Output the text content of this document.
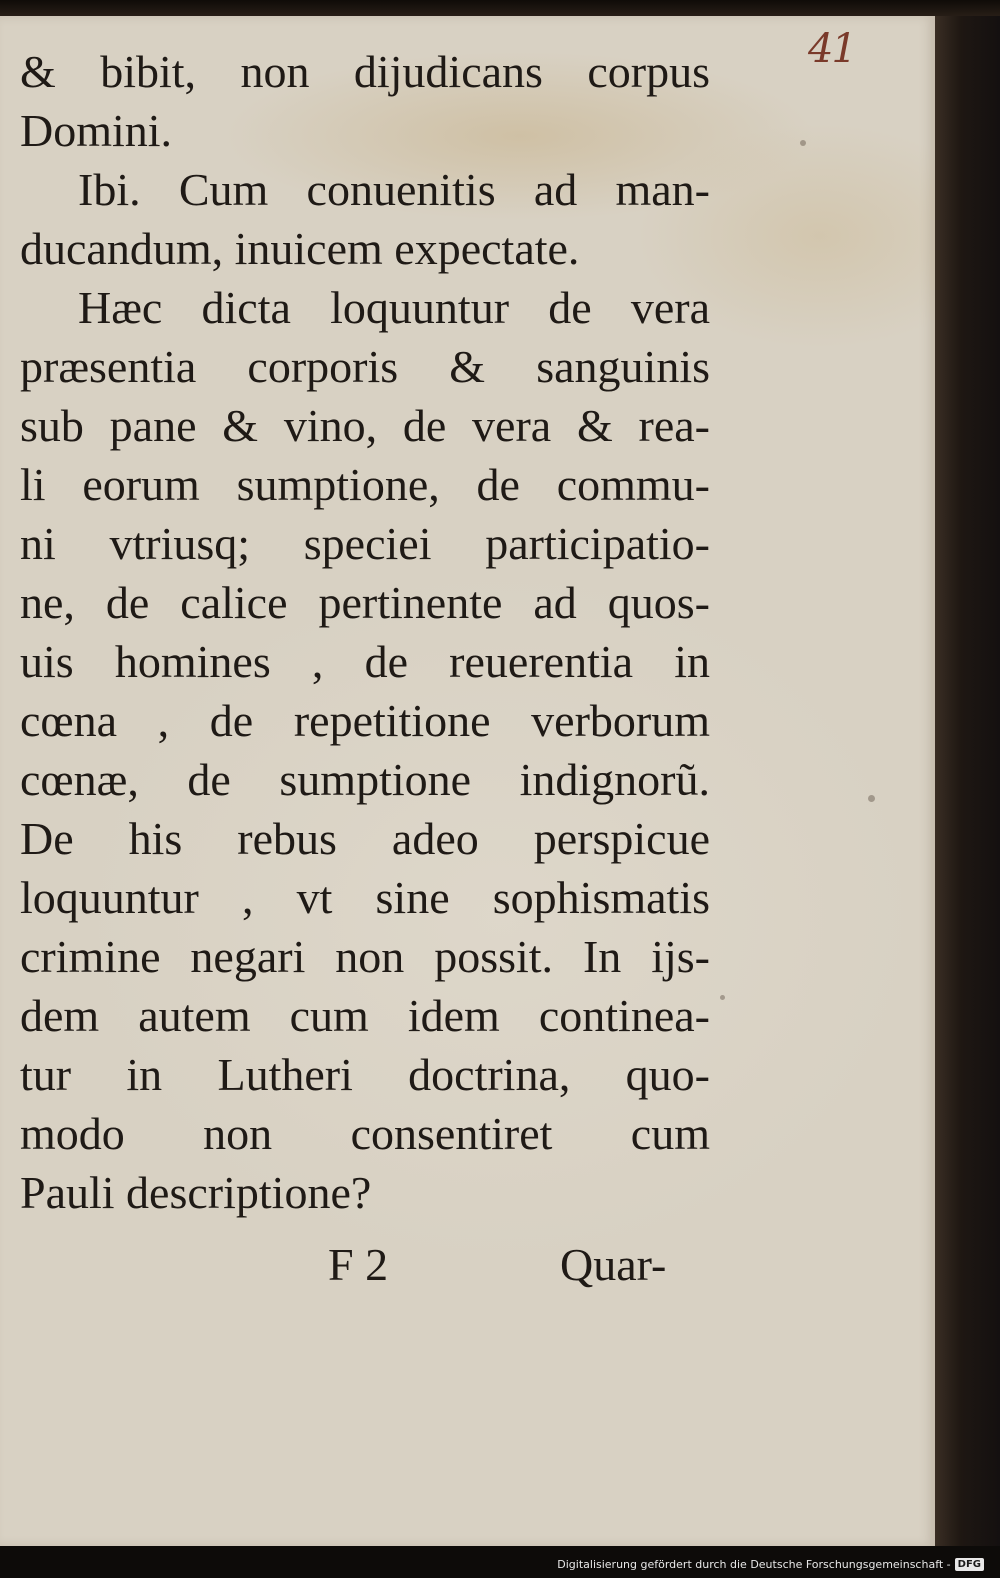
41
& bibit, non dijudicans corpus
Domini.
Ibi. Cum conuenitis ad man-
ducandum, inuicem expectate.
Hæc dicta loquuntur de vera
præsentia corporis & sanguinis
sub pane & vino, de vera & rea-
li eorum sumptione, de commu-
ni vtriusq; speciei participatio-
ne, de calice pertinente ad quos-
uis homines , de reuerentia in
cœna , de repetitione verborum
cœnæ, de sumptione indignorũ.
De his rebus adeo perspicue
loquuntur , vt sine sophismatis
crimine negari non possit. In ijs-
dem autem cum idem continea-
tur in Lutheri doctrina, quo-
modo non consentiret cum
Pauli descriptione?
F 2	Quar-
Digitalisierung gefördert durch die Deutsche Forschungsgemeinschaft - DFG
